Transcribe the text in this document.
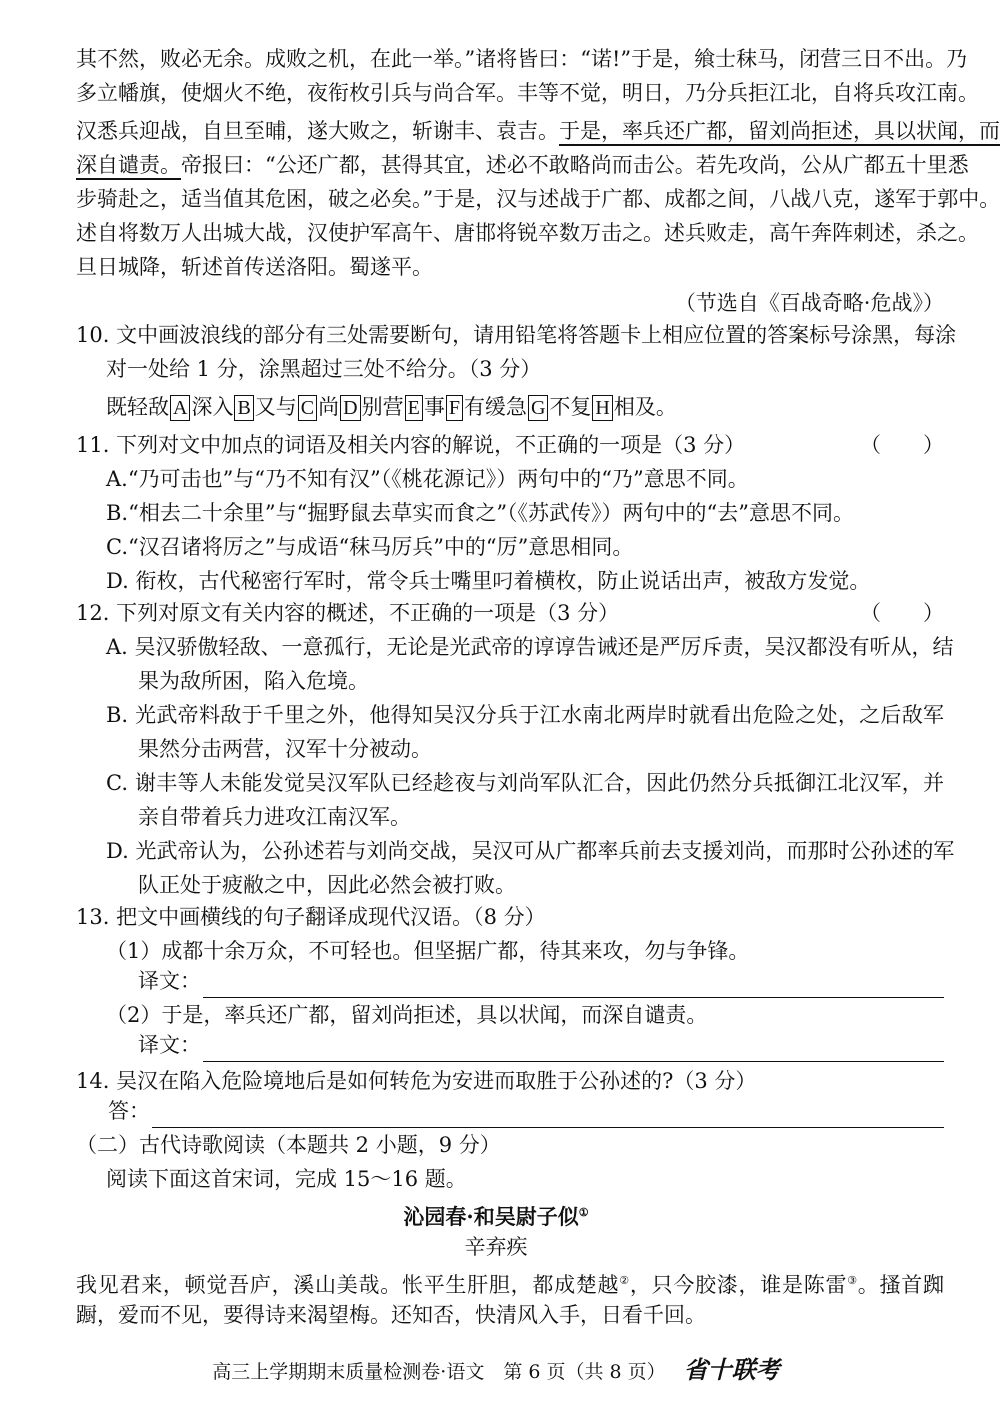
其不然，败必无余。成败之机，在此一举。”诸将皆曰：“诺!”于是，飨士秣马，闭营三日不出。乃
多立幡旗，使烟火不绝，夜衔枚引兵与尚合军。丰等不觉，明日，乃分兵拒江北，自将兵攻江南。
汉悉兵迎战，自旦至晡，遂大败之，斩谢丰、袁吉。于是，率兵还广都，留刘尚拒述，具以状闻，而
深自谴责。帝报曰：“公还广都，甚得其宜，述必不敢略尚而击公。若先攻尚，公从广都五十里悉
步骑赴之，适当值其危困，破之必矣。”于是，汉与述战于广都、成都之间，八战八克，遂军于郭中。
述自将数万人出城大战，汉使护军高午、唐邯将锐卒数万击之。述兵败走，高午奔阵刺述，杀之。
旦日城降，斩述首传送洛阳。蜀遂平。
（节选自《百战奇略·危战》）
10. 文中画波浪线的部分有三处需要断句，请用铅笔将答题卡上相应位置的答案标号涂黑，每涂
对一处给 1 分，涂黑超过三处不给分。（3 分）
既轻敌 A 深入 B 又与 C 尚 D 别营 E 事 F 有缓急 G 不复 H 相及。
11. 下列对文中加点的词语及相关内容的解说，不正确的一项是（3 分）	（　　）
A.“乃可击也”与“乃不知有汉”（《桃花源记》）两句中的“乃”意思不同。
B.“相去二十余里”与“掘野鼠去草实而食之”（《苏武传》）两句中的“去”意思不同。
C.“汉召诸将厉之”与成语“秣马厉兵”中的“厉”意思相同。
D. 衔枚，古代秘密行军时，常令兵士嘴里叼着横枚，防止说话出声，被敌方发觉。
12. 下列对原文有关内容的概述，不正确的一项是（3 分）	（　　）
A. 吴汉骄傲轻敌、一意孤行，无论是光武帝的谆谆告诫还是严厉斥责，吴汉都没有听从，结
果为敌所困，陷入危境。
B. 光武帝料敌于千里之外，他得知吴汉分兵于江水南北两岸时就看出危险之处，之后敌军
果然分击两营，汉军十分被动。
C. 谢丰等人未能发觉吴汉军队已经趁夜与刘尚军队汇合，因此仍然分兵抵御江北汉军，并
亲自带着兵力进攻江南汉军。
D. 光武帝认为，公孙述若与刘尚交战，吴汉可从广都率兵前去支援刘尚，而那时公孙述的军
队正处于疲敝之中，因此必然会被打败。
13. 把文中画横线的句子翻译成现代汉语。（8 分）
（1）成都十余万众，不可轻也。但坚据广都，待其来攻，勿与争锋。
译文：
（2）于是，率兵还广都，留刘尚拒述，具以状闻，而深自谴责。
译文：
14. 吴汉在陷入危险境地后是如何转危为安进而取胜于公孙述的?（3 分）
答：
（二）古代诗歌阅读（本题共 2 小题，9 分）
阅读下面这首宋词，完成 15～16 题。
沁园春·和吴尉子似①
辛弃疾
我见君来，顿觉吾庐，溪山美哉。怅平生肝胆，都成楚越②，只今胶漆，谁是陈雷③。搔首踟
蹰，爱而不见，要得诗来渴望梅。还知否，快清风入手，日看千回。
高三上学期期末质量检测卷·语文　第 6 页（共 8 页） 省十联考
